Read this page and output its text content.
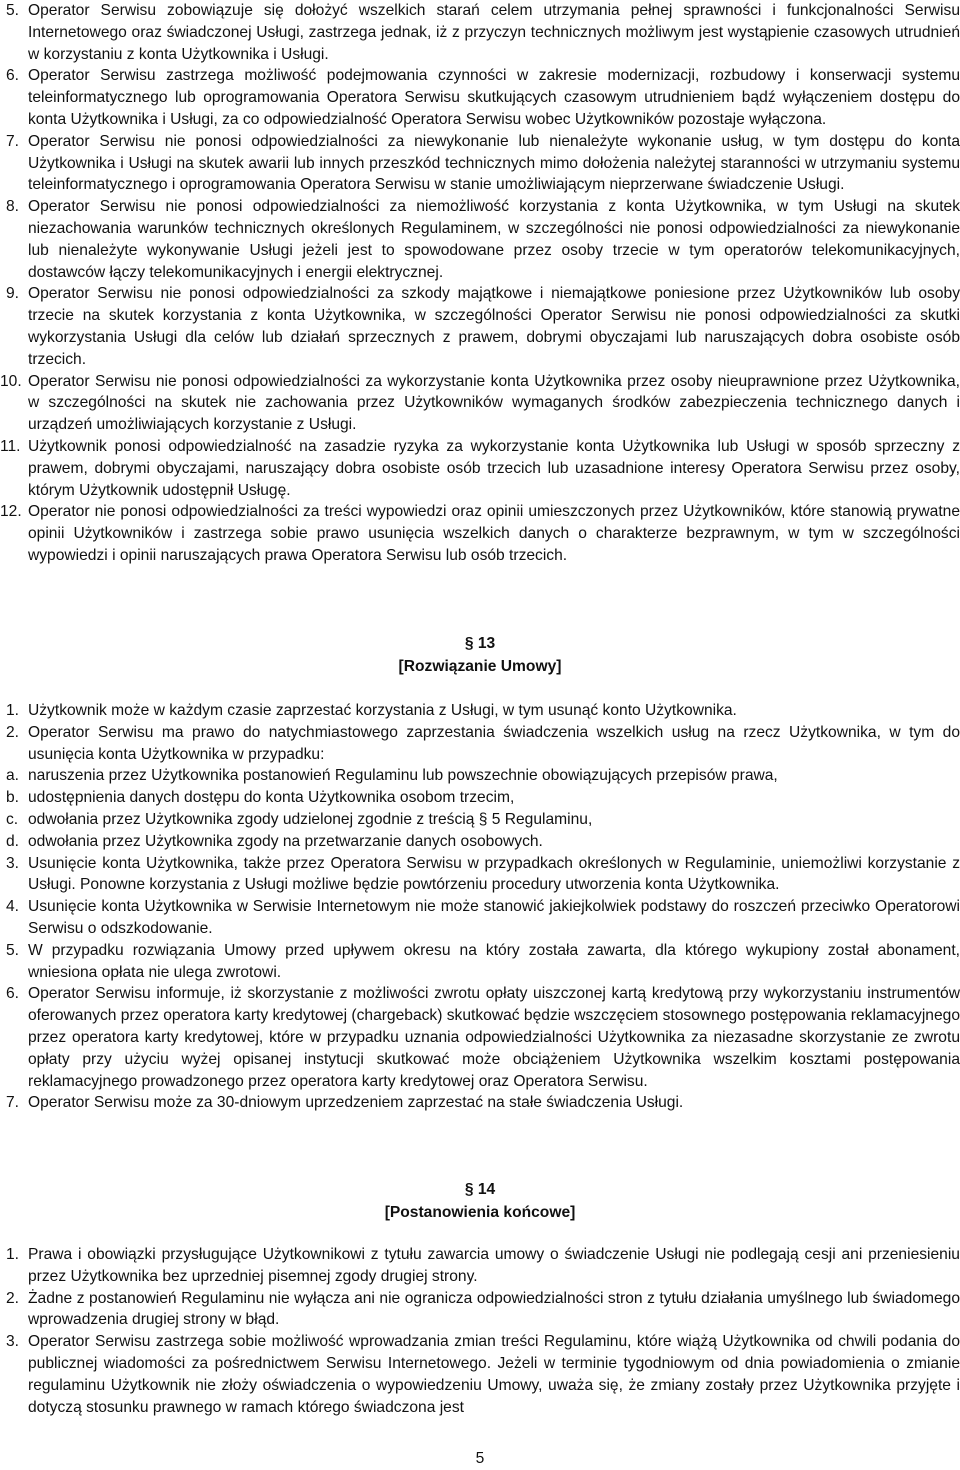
5. Operator Serwisu zobowiązuje się dołożyć wszelkich starań celem utrzymania pełnej sprawności i funkcjonalności Serwisu Internetowego oraz świadczonej Usługi, zastrzega jednak, iż z przyczyn technicznych możliwym jest wystąpienie czasowych utrudnień w korzystaniu z konta Użytkownika i Usługi.
6. Operator Serwisu zastrzega możliwość podejmowania czynności w zakresie modernizacji, rozbudowy i konserwacji systemu teleinformatycznego lub oprogramowania Operatora Serwisu skutkujących czasowym utrudnieniem bądź wyłączeniem dostępu do konta Użytkownika i Usługi, za co odpowiedzialność Operatora Serwisu wobec Użytkowników pozostaje wyłączona.
7. Operator Serwisu nie ponosi odpowiedzialności za niewykonanie lub nienależyte wykonanie usług, w tym dostępu do konta Użytkownika i Usługi na skutek awarii lub innych przeszkód technicznych mimo dołożenia należytej staranności w utrzymaniu systemu teleinformatycznego i oprogramowania Operatora Serwisu w stanie umożliwiającym nieprzerwane świadczenie Usługi.
8. Operator Serwisu nie ponosi odpowiedzialności za niemożliwość korzystania z konta Użytkownika, w tym Usługi na skutek niezachowania warunków technicznych określonych Regulaminem, w szczególności nie ponosi odpowiedzialności za niewykonanie lub nienależyte wykonywanie Usługi jeżeli jest to spowodowane przez osoby trzecie w tym operatorów telekomunikacyjnych, dostawców łączy telekomunikacyjnych i energii elektrycznej.
9. Operator Serwisu nie ponosi odpowiedzialności za szkody majątkowe i niemajątkowe poniesione przez Użytkowników lub osoby trzecie na skutek korzystania z konta Użytkownika, w szczególności Operator Serwisu nie ponosi odpowiedzialności za skutki wykorzystania Usługi dla celów lub działań sprzecznych z prawem, dobrymi obyczajami lub naruszających dobra osobiste osób trzecich.
10. Operator Serwisu nie ponosi odpowiedzialności za wykorzystanie konta Użytkownika przez osoby nieuprawnione przez Użytkownika, w szczególności na skutek nie zachowania przez Użytkowników wymaganych środków zabezpieczenia technicznego danych i urządzeń umożliwiających korzystanie z Usługi.
11. Użytkownik ponosi odpowiedzialność na zasadzie ryzyka za wykorzystanie konta Użytkownika lub Usługi w sposób sprzeczny z prawem, dobrymi obyczajami, naruszający dobra osobiste osób trzecich lub uzasadnione interesy Operatora Serwisu przez osoby, którym Użytkownik udostępnił Usługę.
12. Operator nie ponosi odpowiedzialności za treści wypowiedzi oraz opinii umieszczonych przez Użytkowników, które stanowią prywatne opinii Użytkowników i zastrzega sobie prawo usunięcia wszelkich danych o charakterze bezprawnym, w tym w szczególności wypowiedzi i opinii naruszających prawa Operatora Serwisu lub osób trzecich.
§ 13
[Rozwiązanie Umowy]
1. Użytkownik może w każdym czasie zaprzestać korzystania z Usługi, w tym usunąć konto Użytkownika.
2. Operator Serwisu ma prawo do natychmiastowego zaprzestania świadczenia wszelkich usług na rzecz Użytkownika, w tym do usunięcia konta Użytkownika w przypadku:
a. naruszenia przez Użytkownika postanowień Regulaminu lub powszechnie obowiązujących przepisów prawa,
b. udostępnienia danych dostępu do konta Użytkownika osobom trzecim,
c. odwołania przez Użytkownika zgody udzielonej zgodnie z treścią § 5 Regulaminu,
d. odwołania przez Użytkownika zgody na przetwarzanie danych osobowych.
3. Usunięcie konta Użytkownika, także przez Operatora Serwisu w przypadkach określonych w Regulaminie, uniemożliwi korzystanie z Usługi. Ponowne korzystania z Usługi możliwe będzie powtórzeniu procedury utworzenia konta Użytkownika.
4. Usunięcie konta Użytkownika w Serwisie Internetowym nie może stanowić jakiejkolwiek podstawy do roszczeń przeciwko Operatorowi Serwisu o odszkodowanie.
5. W przypadku rozwiązania Umowy przed upływem okresu na który została zawarta, dla którego wykupiony został abonament, wniesiona opłata nie ulega zwrotowi.
6. Operator Serwisu informuje, iż skorzystanie z możliwości zwrotu opłaty uiszczonej kartą kredytową przy wykorzystaniu instrumentów oferowanych przez operatora karty kredytowej (chargeback) skutkować będzie wszczęciem stosownego postępowania reklamacyjnego przez operatora karty kredytowej, które w przypadku uznania odpowiedzialności Użytkownika za niezasadne skorzystanie ze zwrotu opłaty przy użyciu wyżej opisanej instytucji skutkować może obciążeniem Użytkownika wszelkim kosztami postępowania reklamacyjnego prowadzonego przez operatora karty kredytowej oraz Operatora Serwisu.
7. Operator Serwisu może za 30-dniowym uprzedzeniem zaprzestać na stałe świadczenia Usługi.
§ 14
[Postanowienia końcowe]
1. Prawa i obowiązki przysługujące Użytkownikowi z tytułu zawarcia umowy o świadczenie Usługi nie podlegają cesji ani przeniesieniu przez Użytkownika bez uprzedniej pisemnej zgody drugiej strony.
2. Żadne z postanowień Regulaminu nie wyłącza ani nie ogranicza odpowiedzialności stron z tytułu działania umyślnego lub świadomego wprowadzenia drugiej strony w błąd.
3. Operator Serwisu zastrzega sobie możliwość wprowadzania zmian treści Regulaminu, które wiążą Użytkownika od chwili podania do publicznej wiadomości za pośrednictwem Serwisu Internetowego. Jeżeli w terminie tygodniowym od dnia powiadomienia o zmianie regulaminu Użytkownik nie złoży oświadczenia o wypowiedzeniu Umowy, uważa się, że zmiany zostały przez Użytkownika przyjęte i dotyczą stosunku prawnego w ramach którego świadczona jest
5
